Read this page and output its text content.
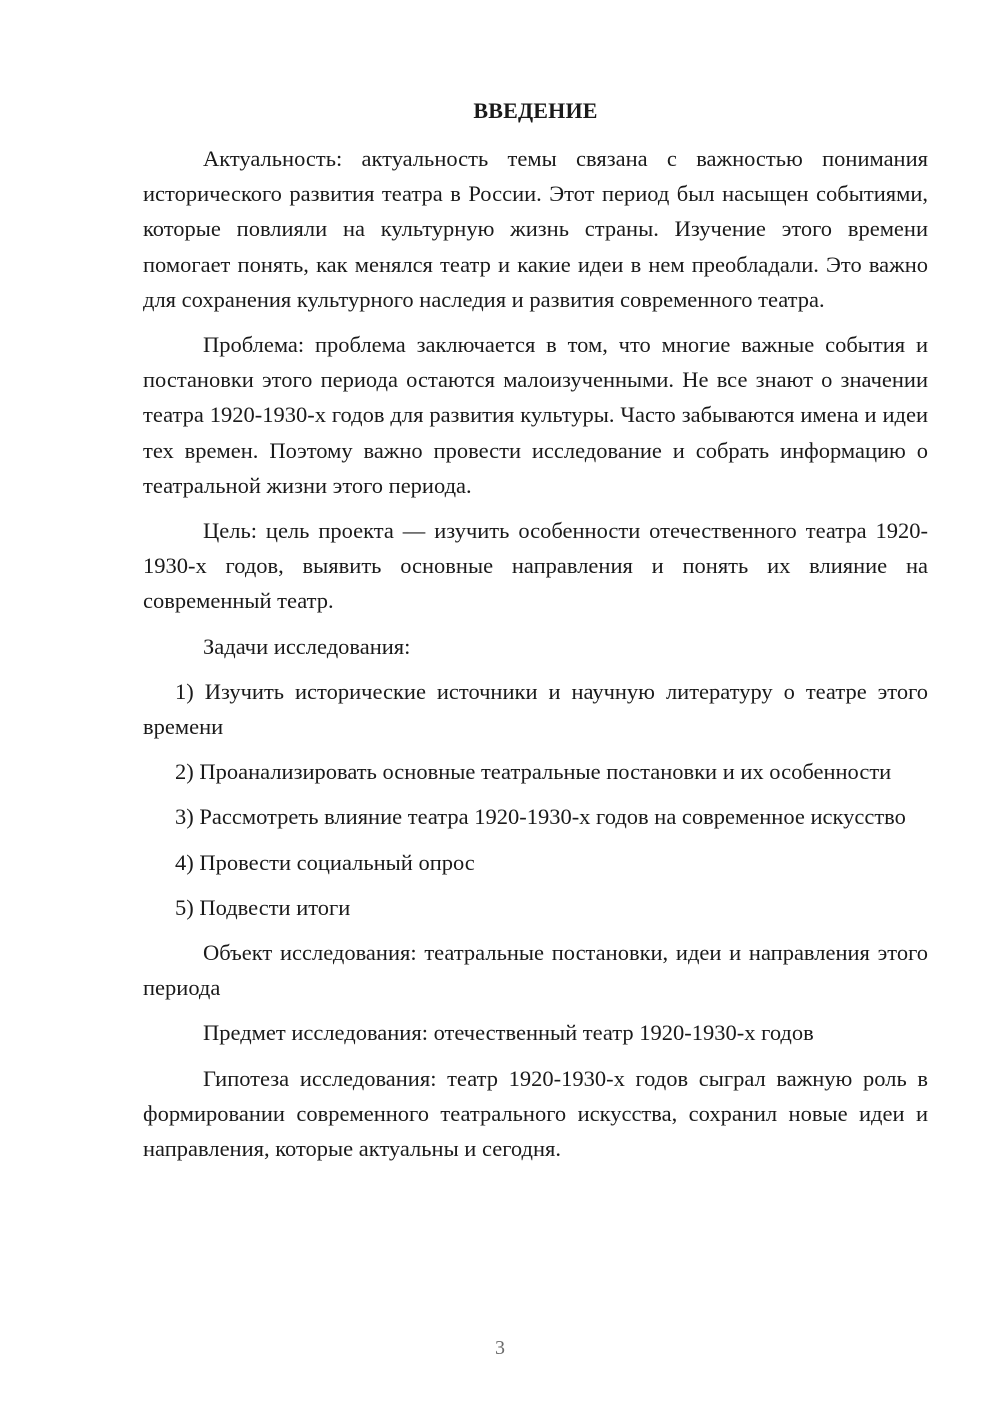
ВВЕДЕНИЕ

Актуальность: актуальность темы связана с важностью понимания исторического развития театра в России. Этот период был насыщен событиями, которые повлияли на культурную жизнь страны. Изучение этого времени помогает понять, как менялся театр и какие идеи в нем преобладали. Это важно для сохранения культурного наследия и развития современного театра.

Проблема: проблема заключается в том, что многие важные события и постановки этого периода остаются малоизученными. Не все знают о значении театра 1920-1930-х годов для развития культуры. Часто забываются имена и идеи тех времен. Поэтому важно провести исследование и собрать информацию о театральной жизни этого периода.

Цель: цель проекта — изучить особенности отечественного театра 1920-1930-х годов, выявить основные направления и понять их влияние на современный театр.

Задачи исследования:

1) Изучить исторические источники и научную литературу о театре этого времени

2) Проанализировать основные театральные постановки и их особенности

3) Рассмотреть влияние театра 1920-1930-х годов на современное искусство

4) Провести социальный опрос

5) Подвести итоги

Объект исследования: театральные постановки, идеи и направления этого периода

Предмет исследования: отечественный театр 1920-1930-х годов

Гипотеза исследования: театр 1920-1930-х годов сыграл важную роль в формировании современного театрального искусства, сохранил новые идеи и направления, которые актуальны и сегодня.

3
